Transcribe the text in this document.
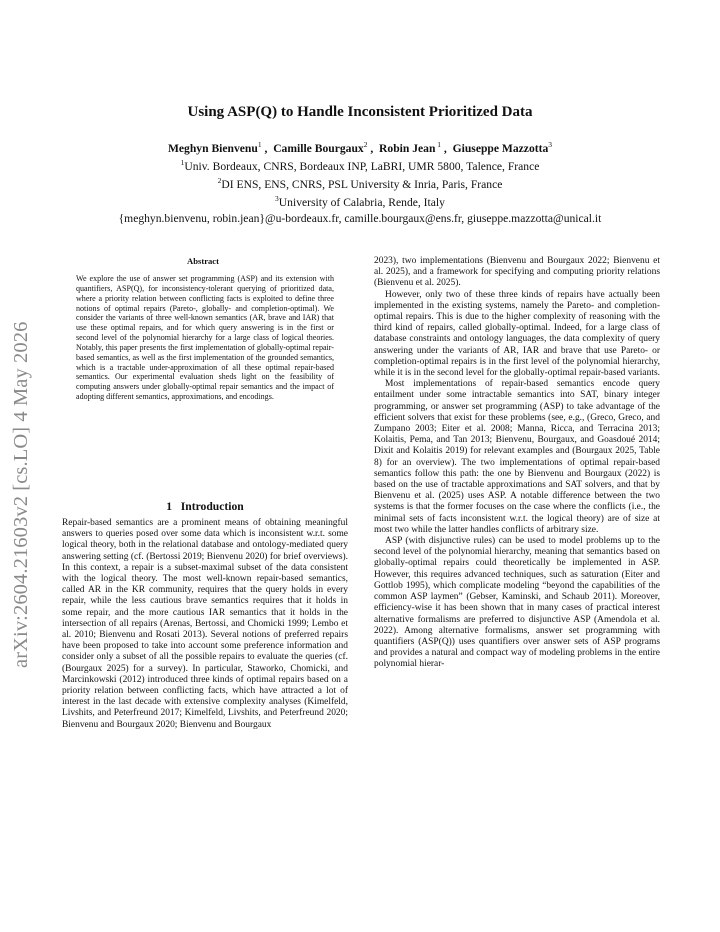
arXiv:2604.21603v2 [cs.LO] 4 May 2026
Using ASP(Q) to Handle Inconsistent Prioritized Data
Meghyn Bienvenu$^1$ ,  Camille Bourgaux$^2$ ,  Robin Jean $^1$ ,  Giuseppe Mazzotta$^3$
$^1$Univ. Bordeaux, CNRS, Bordeaux INP, LaBRI, UMR 5800, Talence, France
$^2$DI ENS, ENS, CNRS, PSL University & Inria, Paris, France
$^3$University of Calabria, Rende, Italy
{meghyn.bienvenu, robin.jean}@u-bordeaux.fr, camille.bourgaux@ens.fr, giuseppe.mazzotta@unical.it
Abstract

We explore the use of answer set programming (ASP) and its extension with quantifiers, ASP(Q), for inconsistency-tolerant querying of prioritized data, where a priority relation between conflicting facts is exploited to define three notions of optimal repairs (Pareto-, globally- and completion-optimal). We consider the variants of three well-known semantics (AR, brave and IAR) that use these optimal repairs, and for which query answering is in the first or second level of the polynomial hierarchy for a large class of logical theories. Notably, this paper presents the first implementation of globally-optimal repair-based semantics, as well as the first implementation of the grounded semantics, which is a tractable under-approximation of all these optimal repair-based semantics. Our experimental evaluation sheds light on the feasibility of computing answers under globally-optimal repair semantics and the impact of adopting different semantics, approximations, and encodings.

1   Introduction

Repair-based semantics are a prominent means of obtaining meaningful answers to queries posed over some data which is inconsistent w.r.t. some logical theory, both in the relational database and ontology-mediated query answering setting (cf. (Bertossi 2019; Bienvenu 2020) for brief overviews). In this context, a repair is a subset-maximal subset of the data consistent with the logical theory. The most well-known repair-based semantics, called AR in the KR community, requires that the query holds in every repair, while the less cautious brave semantics requires that it holds in some repair, and the more cautious IAR semantics that it holds in the intersection of all repairs (Arenas, Bertossi, and Chomicki 1999; Lembo et al. 2010; Bienvenu and Rosati 2013). Several notions of preferred repairs have been proposed to take into account some preference information and consider only a subset of all the possible repairs to evaluate the queries (cf. (Bourgaux 2025) for a survey). In particular, Staworko, Chomicki, and Marcinkowski (2012) introduced three kinds of optimal repairs based on a priority relation between conflicting facts, which have attracted a lot of interest in the last decade with extensive complexity analyses (Kimelfeld, Livshits, and Peterfreund 2017; Kimelfeld, Livshits, and Peterfreund 2020; Bienvenu and Bourgaux 2020; Bienvenu and Bourgaux

2023), two implementations (Bienvenu and Bourgaux 2022; Bienvenu et al. 2025), and a framework for specifying and computing priority relations (Bienvenu et al. 2025).

However, only two of these three kinds of repairs have actually been implemented in the existing systems, namely the Pareto- and completion-optimal repairs. This is due to the higher complexity of reasoning with the third kind of repairs, called globally-optimal. Indeed, for a large class of database constraints and ontology languages, the data complexity of query answering under the variants of AR, IAR and brave that use Pareto- or completion-optimal repairs is in the first level of the polynomial hierarchy, while it is in the second level for the globally-optimal repair-based variants.

Most implementations of repair-based semantics encode query entailment under some intractable semantics into SAT, binary integer programming, or answer set programming (ASP) to take advantage of the efficient solvers that exist for these problems (see, e.g., (Greco, Greco, and Zumpano 2003; Eiter et al. 2008; Manna, Ricca, and Terracina 2013; Kolaitis, Pema, and Tan 2013; Bienvenu, Bourgaux, and Goasdoué 2014; Dixit and Kolaitis 2019) for relevant examples and (Bourgaux 2025, Table 8) for an overview). The two implementations of optimal repair-based semantics follow this path: the one by Bienvenu and Bourgaux (2022) is based on the use of tractable approximations and SAT solvers, and that by Bienvenu et al. (2025) uses ASP. A notable difference between the two systems is that the former focuses on the case where the conflicts (i.e., the minimal sets of facts inconsistent w.r.t. the logical theory) are of size at most two while the latter handles conflicts of arbitrary size.

ASP (with disjunctive rules) can be used to model problems up to the second level of the polynomial hierarchy, meaning that semantics based on globally-optimal repairs could theoretically be implemented in ASP. However, this requires advanced techniques, such as saturation (Eiter and Gottlob 1995), which complicate modeling “beyond the capabilities of the common ASP laymen” (Gebser, Kaminski, and Schaub 2011). Moreover, efficiency-wise it has been shown that in many cases of practical interest alternative formalisms are preferred to disjunctive ASP (Amendola et al. 2022). Among alternative formalisms, answer set programming with quantifiers (ASP(Q)) uses quantifiers over answer sets of ASP programs and provides a natural and compact way of modeling problems in the entire polynomial hierar-
